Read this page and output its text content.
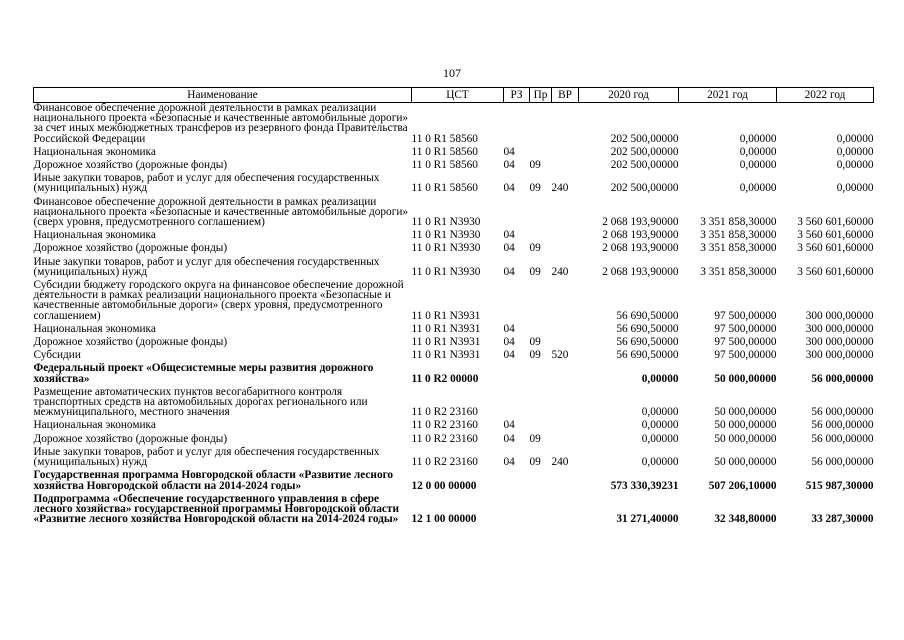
107
Наименование	ЦСТ	РЗ	Пр	ВР	2020 год	2021 год	2022 год
Финансовое обеспечение дорожной деятельности в рамках реализации национального проекта «Безопасные и качественные автомобильные дороги» за счет иных межбюджетных трансферов из резервного фонда Правительства Российской Федерации	11 0 R1 58560				202 500,00000	0,00000	0,00000
Национальная экономика	11 0 R1 58560	04			202 500,00000	0,00000	0,00000
Дорожное хозяйство (дорожные фонды)	11 0 R1 58560	04	09		202 500,00000	0,00000	0,00000
Иные закупки товаров, работ и услуг для обеспечения государственных (муниципальных) нужд	11 0 R1 58560	04	09	240	202 500,00000	0,00000	0,00000
Финансовое обеспечение дорожной деятельности в рамках реализации национального проекта «Безопасные и качественные автомобильные дороги» (сверх уровня, предусмотренного соглашением)	11 0 R1 N3930				2 068 193,90000	3 351 858,30000	3 560 601,60000
Национальная экономика	11 0 R1 N3930	04			2 068 193,90000	3 351 858,30000	3 560 601,60000
Дорожное хозяйство (дорожные фонды)	11 0 R1 N3930	04	09		2 068 193,90000	3 351 858,30000	3 560 601,60000
Иные закупки товаров, работ и услуг для обеспечения государственных (муниципальных) нужд	11 0 R1 N3930	04	09	240	2 068 193,90000	3 351 858,30000	3 560 601,60000
Субсидии бюджету городского округа на финансовое обеспечение дорожной деятельности в рамках реализации национального проекта «Безопасные и качественные автомобильные дороги» (сверх уровня, предусмотренного соглашением)	11 0 R1 N3931				56 690,50000	97 500,00000	300 000,00000
Национальная экономика	11 0 R1 N3931	04			56 690,50000	97 500,00000	300 000,00000
Дорожное хозяйство (дорожные фонды)	11 0 R1 N3931	04	09		56 690,50000	97 500,00000	300 000,00000
Субсидии	11 0 R1 N3931	04	09	520	56 690,50000	97 500,00000	300 000,00000
Федеральный проект «Общесистемные меры развития дорожного хозяйства»	11 0 R2 00000				0,00000	50 000,00000	56 000,00000
Размещение автоматических пунктов весогабаритного контроля транспортных средств на автомобильных дорогах регионального или межмуниципального, местного значения	11 0 R2 23160				0,00000	50 000,00000	56 000,00000
Национальная экономика	11 0 R2 23160	04			0,00000	50 000,00000	56 000,00000
Дорожное хозяйство (дорожные фонды)	11 0 R2 23160	04	09		0,00000	50 000,00000	56 000,00000
Иные закупки товаров, работ и услуг для обеспечения государственных (муниципальных) нужд	11 0 R2 23160	04	09	240	0,00000	50 000,00000	56 000,00000
Государственная программа Новгородской области «Развитие лесного хозяйства Новгородской области на 2014-2024 годы»	12 0 00 00000				573 330,39231	507 206,10000	515 987,30000
Подпрограмма «Обеспечение государственного управления в сфере лесного хозяйства» государственной программы Новгородской области «Развитие лесного хозяйства Новгородской области на 2014-2024 годы»	12 1 00 00000				31 271,40000	32 348,80000	33 287,30000
